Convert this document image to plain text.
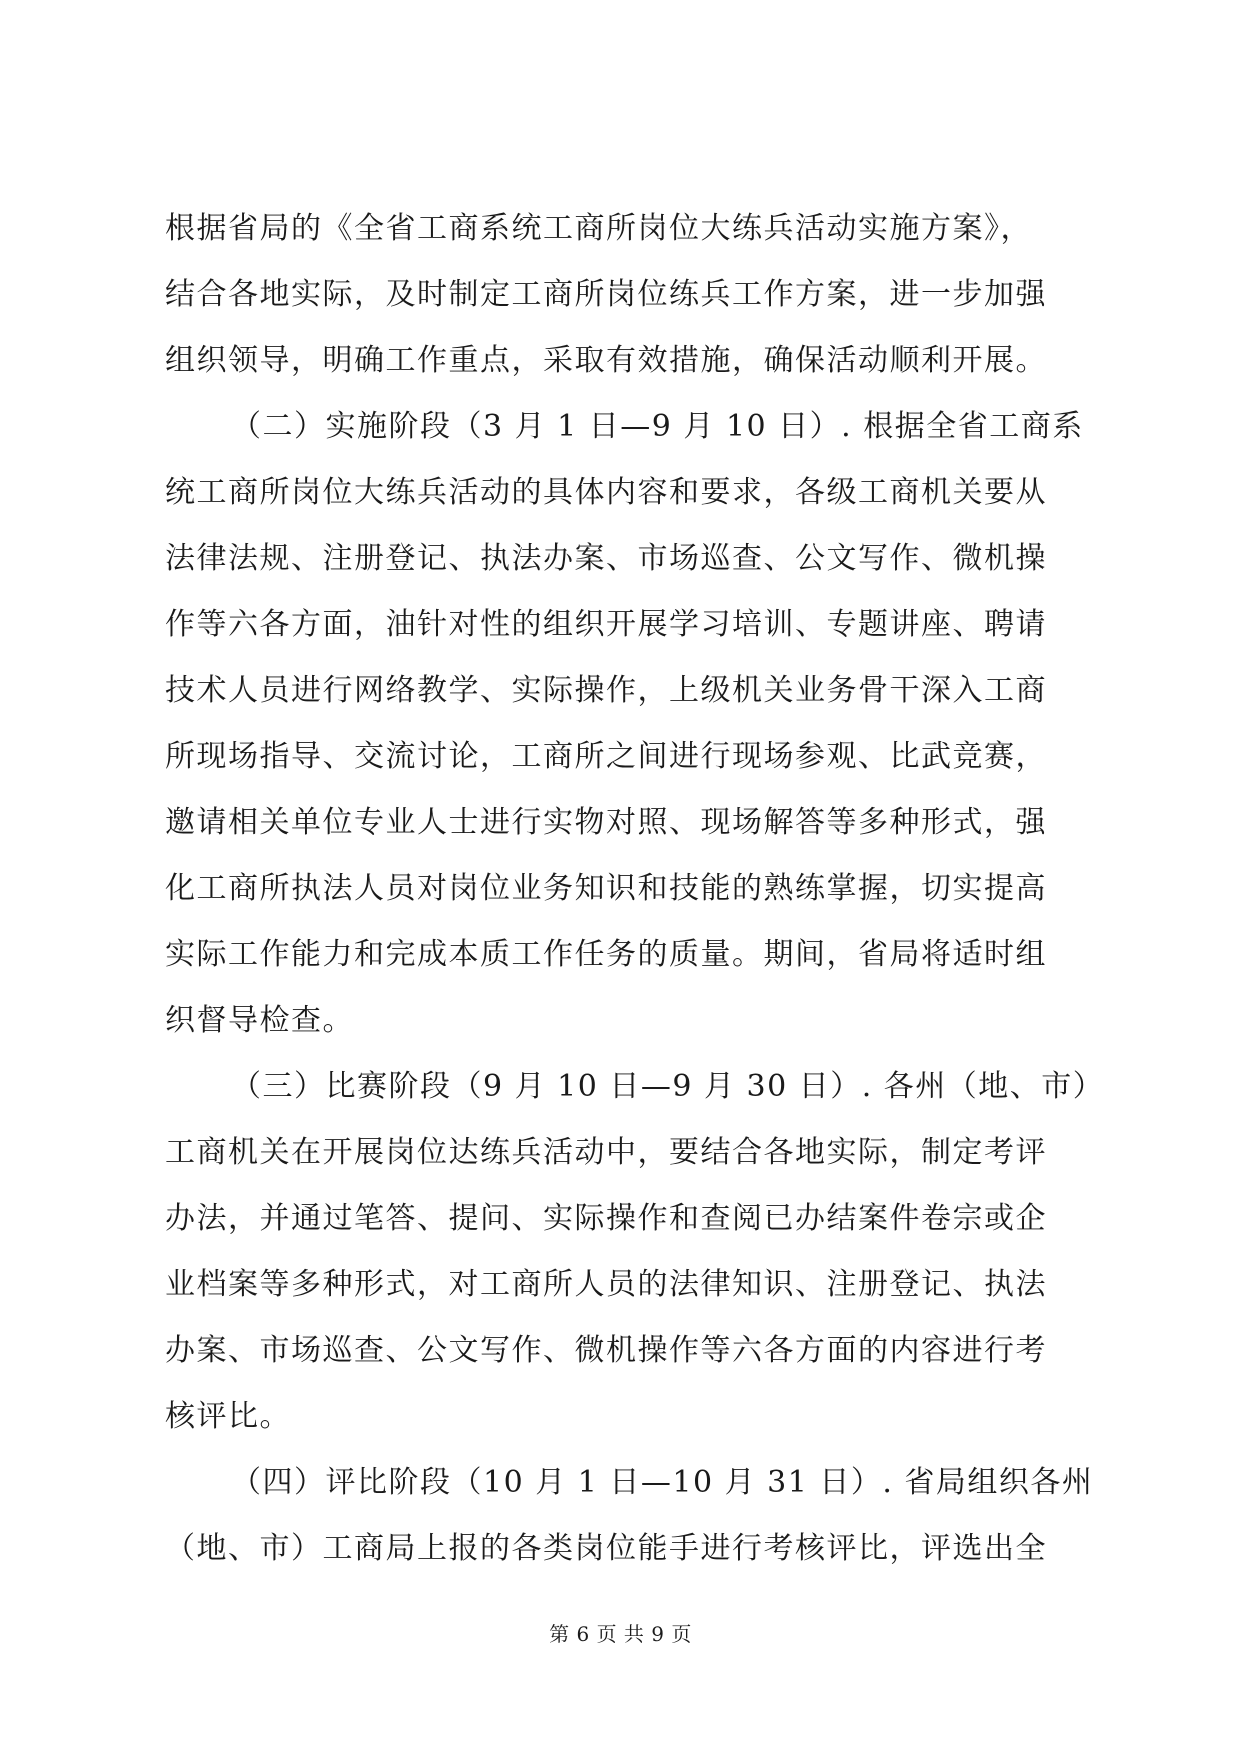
根据省局的《全省工商系统工商所岗位大练兵活动实施方案》，
结合各地实际，及时制定工商所岗位练兵工作方案，进一步加强
组织领导，明确工作重点，采取有效措施，确保活动顺利开展。
（二）实施阶段（3 月 1 日—9 月 10 日）. 根据全省工商系
统工商所岗位大练兵活动的具体内容和要求，各级工商机关要从
法律法规、注册登记、执法办案、市场巡查、公文写作、微机操
作等六各方面，油针对性的组织开展学习培训、专题讲座、聘请
技术人员进行网络教学、实际操作，上级机关业务骨干深入工商
所现场指导、交流讨论，工商所之间进行现场参观、比武竞赛，
邀请相关单位专业人士进行实物对照、现场解答等多种形式，强
化工商所执法人员对岗位业务知识和技能的熟练掌握，切实提高
实际工作能力和完成本质工作任务的质量。期间，省局将适时组
织督导检查。
（三）比赛阶段（9 月 10 日—9 月 30 日）. 各州（地、市）
工商机关在开展岗位达练兵活动中，要结合各地实际，制定考评
办法，并通过笔答、提问、实际操作和查阅已办结案件卷宗或企
业档案等多种形式，对工商所人员的法律知识、注册登记、执法
办案、市场巡查、公文写作、微机操作等六各方面的内容进行考
核评比。
（四）评比阶段（10 月 1 日—10 月 31 日）. 省局组织各州
（地、市）工商局上报的各类岗位能手进行考核评比，评选出全
第 6 页 共 9 页
